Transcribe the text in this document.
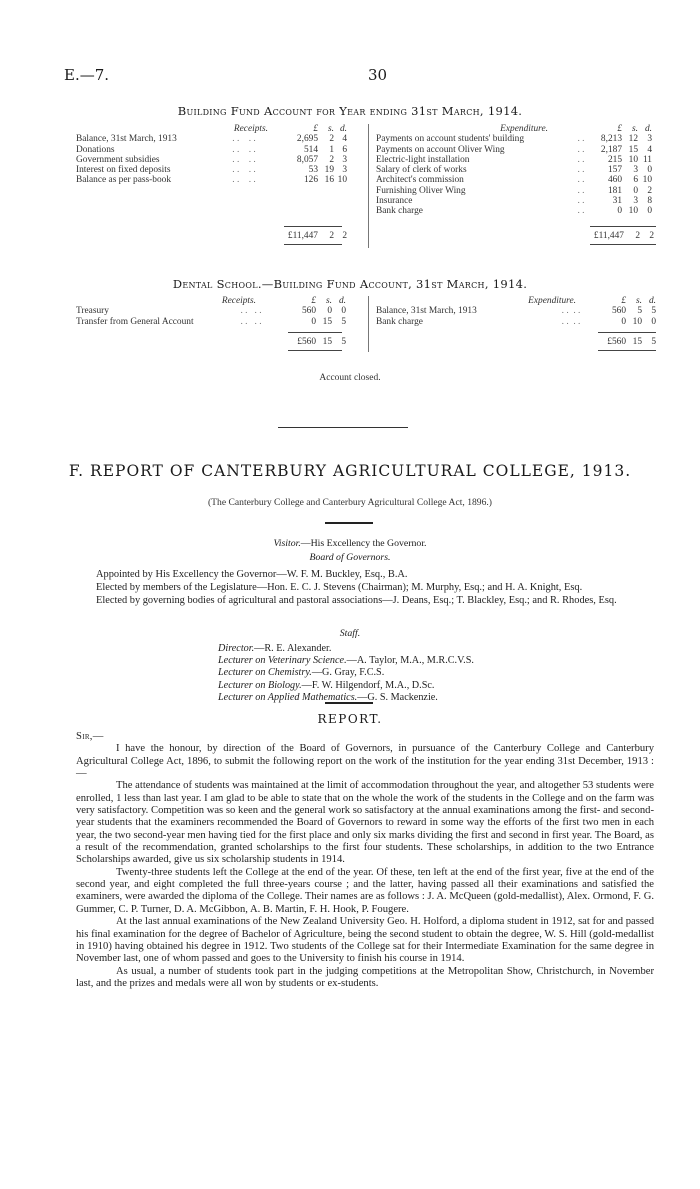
E.—7.	30
Building Fund Account for Year ending 31st March, 1914.
Receipts.		£	s.	d.
Balance, 31st March, 1913	. .    . .	2,695	2	4
Donations	. .    . .	514	1	6
Government subsidies	. .    . .	8,057	2	3
Interest on fixed deposits	. .    . .	53	19	3
Balance as per pass-book	. .    . .	126	16	10
£11,447	2	2
Expenditure.		£	s.	d.
Payments on account students' building	. .	8,213	12	3
Payments on account Oliver Wing	. .	2,187	15	4
Electric-light installation	. .	215	10	11
Salary of clerk of works	. .	157	3	0
Architect's commission	. .	460	6	10
Furnishing Oliver Wing	. .	181	0	2
Insurance	. .	31	3	8
Bank charge	. .	0	10	0
£11,447	2	2
Dental School.—Building Fund Account, 31st March, 1914.
Receipts.		£	s.	d.
Treasury	. .   . .	560	0	0
Transfer from General Account	. .   . .	0	15	5
£560	15	5
Expenditure.		£	s.	d.
Balance, 31st March, 1913	. .  . .	560	5	5
Bank charge	. .  . .	0	10	0
£560	15	5
Account closed.
F. REPORT OF CANTERBURY AGRICULTURAL COLLEGE, 1913.
(The Canterbury College and Canterbury Agricultural College Act, 1896.)
Visitor.—His Excellency the Governor.
Board of Governors.
Appointed by His Excellency the Governor—W. F. M. Buckley, Esq., B.A.
Elected by members of the Legislature—Hon. E. C. J. Stevens (Chairman); M. Murphy, Esq.; and H. A. Knight, Esq.
Elected by governing bodies of agricultural and pastoral associations—J. Deans, Esq.; T. Blackley, Esq.; and R. Rhodes, Esq.
Staff.
Director.—R. E. Alexander.
Lecturer on Veterinary Science.—A. Taylor, M.A., M.R.C.V.S.
Lecturer on Chemistry.—G. Gray, F.C.S.
Lecturer on Biology.—F. W. Hilgendorf, M.A., D.Sc.
Lecturer on Applied Mathematics.—G. S. Mackenzie.
REPORT.

Sir,—

I have the honour, by direction of the Board of Governors, in pursuance of the Canterbury College and Canterbury Agricultural College Act, 1896, to submit the following report on the work of the institution for the year ending 31st December, 1913 :—

The attendance of students was maintained at the limit of accommodation throughout the year, and altogether 53 students were enrolled, 1 less than last year. I am glad to be able to state that on the whole the work of the students in the College and on the farm was very satisfactory. Competition was so keen and the general work so satisfactory at the annual examinations among the first- and second-year students that the examiners recommended the Board of Governors to reward in some way the efforts of the first two men in each year, the two second-year men having tied for the first place and only six marks dividing the first and second in first year. The Board, as a result of the recommendation, granted scholarships to the first four students. These scholarships, in addition to the two Entrance Scholarships awarded, give us six scholarship students in 1914.

Twenty-three students left the College at the end of the year. Of these, ten left at the end of the first year, five at the end of the second year, and eight completed the full three-years course ; and the latter, having passed all their examinations and satisfied the examiners, were awarded the diploma of the College. Their names are as follows : J. A. McQueen (gold-medallist), Alex. Ormond, F. G. Gummer, C. P. Turner, D. A. McGibbon, A. B. Martin, F. H. Hook, P. Fougere.

At the last annual examinations of the New Zealand University Geo. H. Holford, a diploma student in 1912, sat for and passed his final examination for the degree of Bachelor of Agriculture, being the second student to obtain the degree, W. S. Hill (gold-medallist in 1910) having obtained his degree in 1912. Two students of the College sat for their Intermediate Examination for the same degree in November last, one of whom passed and goes to the University to finish his course in 1914.

As usual, a number of students took part in the judging competitions at the Metropolitan Show, Christchurch, in November last, and the prizes and medals were all won by students or ex-students.
